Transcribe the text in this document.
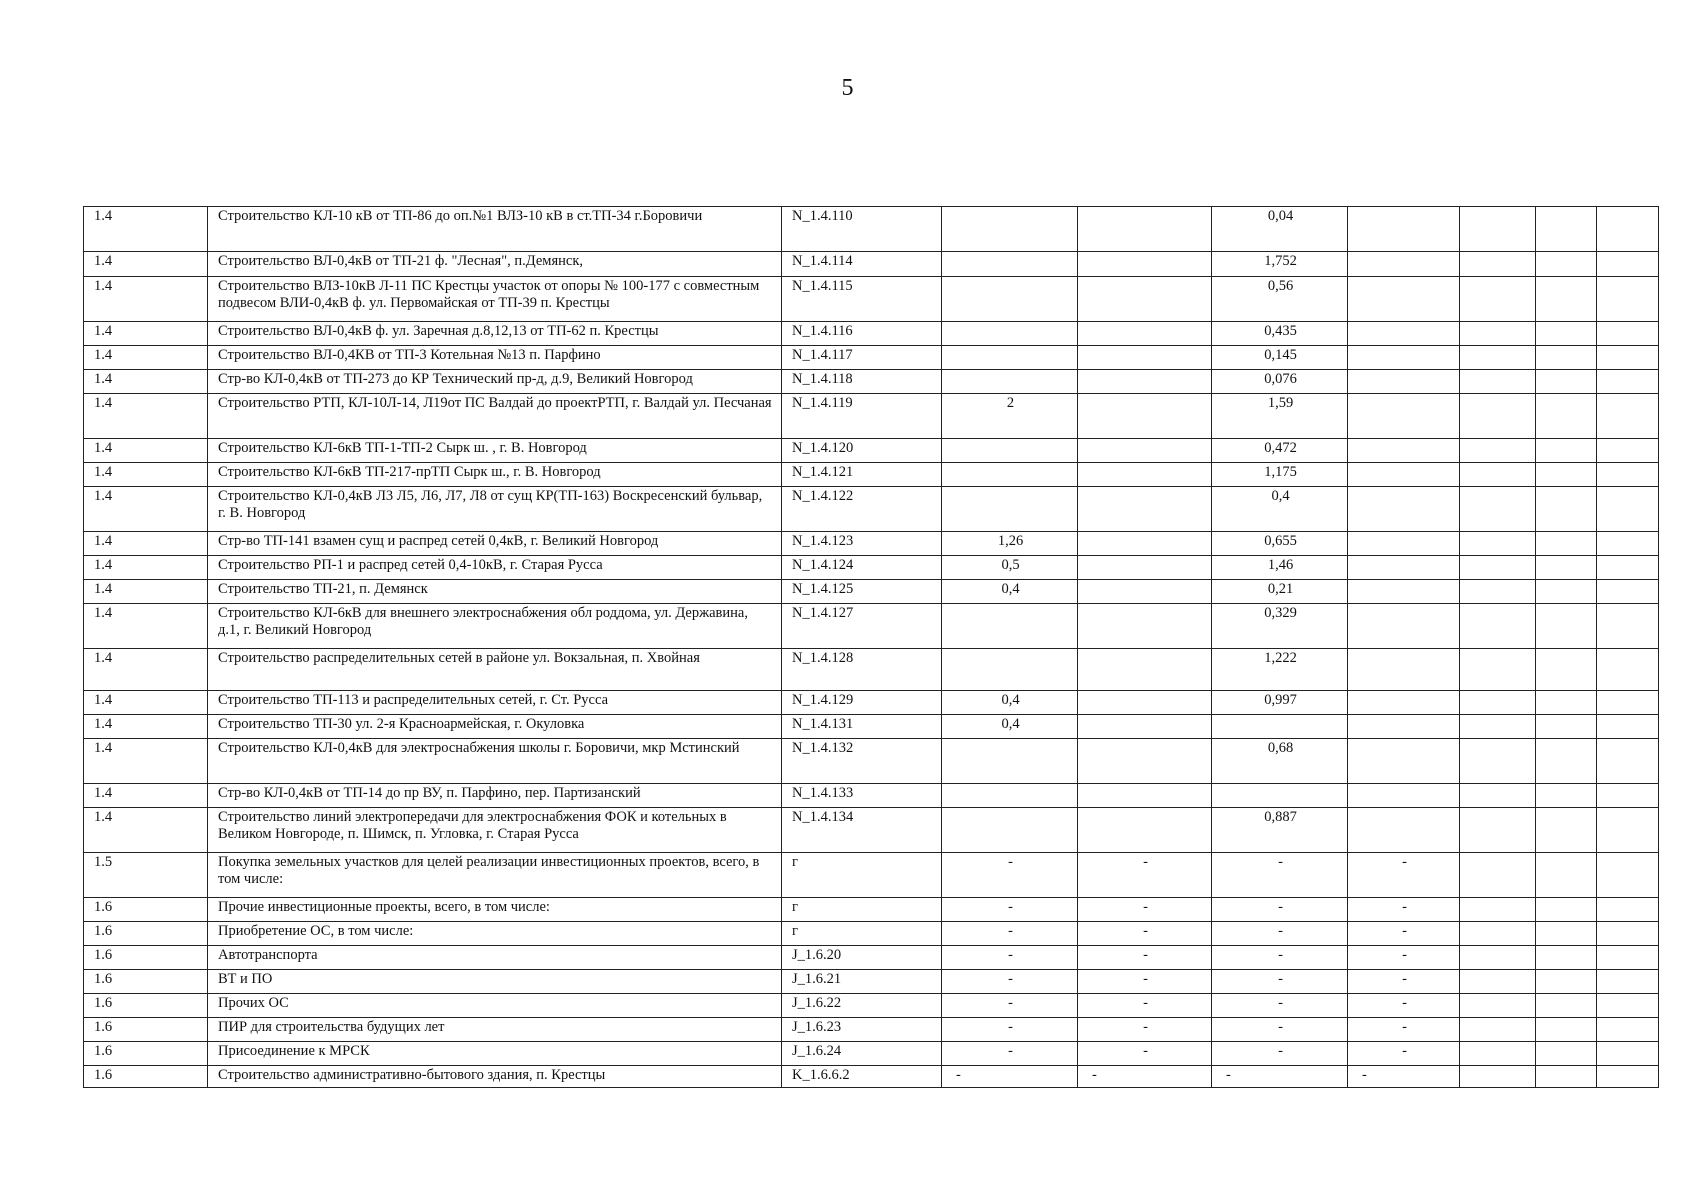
5
1.4	Строительство КЛ-10 кВ от ТП-86 до оп.№1 ВЛЗ-10 кВ в ст.ТП-34 г.Боровичи	N_1.4.110			0,04				
1.4	Строительство ВЛ-0,4кВ от ТП-21 ф. "Лесная", п.Демянск,	N_1.4.114			1,752				
1.4	Строительство ВЛЗ-10кВ Л-11 ПС Крестцы участок от опоры № 100-177 с совместным подвесом ВЛИ-0,4кВ ф. ул. Первомайская от ТП-39 п. Крестцы	N_1.4.115			0,56				
1.4	Строительство ВЛ-0,4кВ ф. ул. Заречная д.8,12,13 от ТП-62 п. Крестцы	N_1.4.116			0,435				
1.4	Строительство ВЛ-0,4КВ от ТП-3 Котельная №13 п. Парфино	N_1.4.117			0,145				
1.4	Стр-во КЛ-0,4кВ от ТП-273 до КР Технический пр-д, д.9, Великий Новгород	N_1.4.118			0,076				
1.4	Строительство РТП, КЛ-10Л-14, Л19от ПС Валдай до проектРТП, г. Валдай ул. Песчаная	N_1.4.119	2		1,59				
1.4	Строительство КЛ-6кВ ТП-1-ТП-2 Сырк ш. , г. В. Новгород	N_1.4.120			0,472				
1.4	Строительство КЛ-6кВ ТП-217-прТП Сырк ш., г. В. Новгород	N_1.4.121			1,175				
1.4	Строительство КЛ-0,4кВ Л3 Л5, Л6, Л7, Л8 от сущ КР(ТП-163) Воскресенский бульвар, г. В. Новгород	N_1.4.122			0,4				
1.4	Стр-во ТП-141 взамен сущ и распред сетей 0,4кВ, г. Великий Новгород	N_1.4.123	1,26		0,655				
1.4	Строительство РП-1 и распред сетей 0,4-10кВ, г. Старая Русса	N_1.4.124	0,5		1,46				
1.4	Строительство ТП-21, п. Демянск	N_1.4.125	0,4		0,21				
1.4	Строительство КЛ-6кВ для внешнего электроснабжения обл роддома, ул. Державина, д.1, г. Великий Новгород	N_1.4.127			0,329				
1.4	Строительство распределительных сетей в районе ул. Вокзальная, п. Хвойная	N_1.4.128			1,222				
1.4	Строительство ТП-113 и распределительных сетей, г. Ст. Русса	N_1.4.129	0,4		0,997				
1.4	Строительство ТП-30 ул. 2-я Красноармейская, г. Окуловка	N_1.4.131	0,4						
1.4	Строительство КЛ-0,4кВ для электроснабжения школы г. Боровичи, мкр Мстинский	N_1.4.132			0,68				
1.4	Стр-во КЛ-0,4кВ от ТП-14 до пр ВУ, п. Парфино, пер. Партизанский	N_1.4.133							
1.4	Строительство линий электропередачи для электроснабжения ФОК и котельных в Великом Новгороде, п. Шимск, п. Угловка, г. Старая Русса	N_1.4.134			0,887				
1.5	Покупка земельных участков для целей реализации инвестиционных проектов, всего, в том числе:	г	-	-	-	-			
1.6	Прочие инвестиционные проекты, всего, в том числе:	г	-	-	-	-			
1.6	Приобретение ОС, в том числе:	г	-	-	-	-			
1.6	Автотранспорта	J_1.6.20	-	-	-	-			
1.6	ВТ и ПО	J_1.6.21	-	-	-	-			
1.6	Прочих ОС	J_1.6.22	-	-	-	-			
1.6	ПИР для строительства будущих лет	J_1.6.23	-	-	-	-			
1.6	Присоединение к МРСК	J_1.6.24	-	-	-	-			
1.6	Строительство административно-бытового здания, п. Крестцы	K_1.6.6.2	-	-	-	-			
